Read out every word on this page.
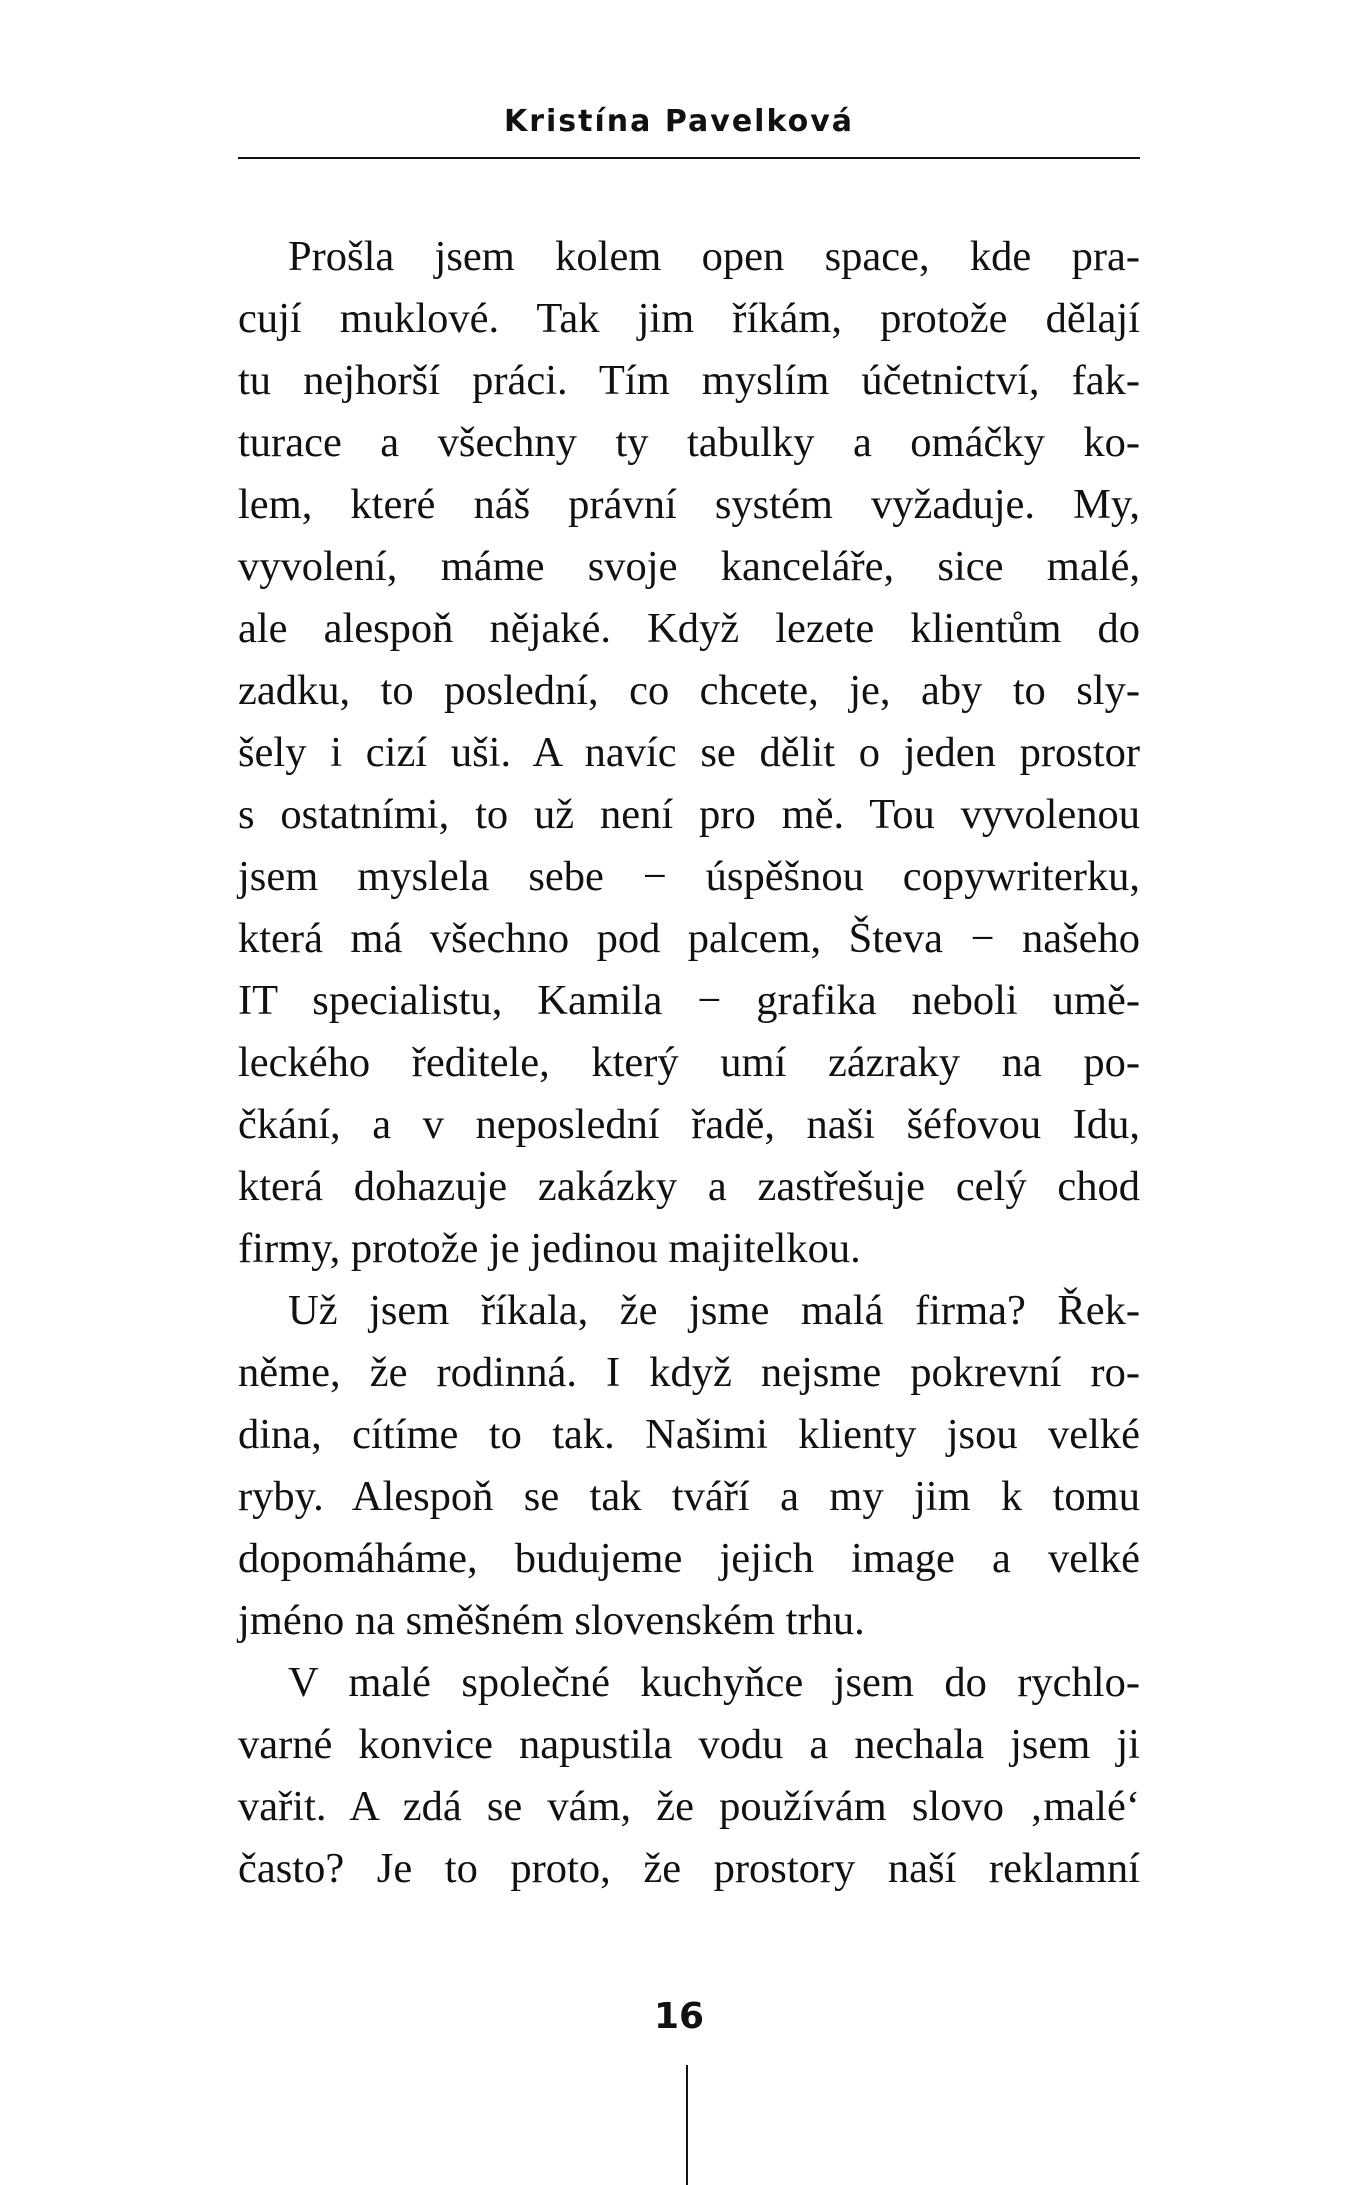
Kristína Pavelková
Prošla jsem kolem open space, kde pra-
cují muklové. Tak jim říkám, protože dělají
tu nejhorší práci. Tím myslím účetnictví, fak-
turace a všechny ty tabulky a omáčky ko-
lem, které náš právní systém vyžaduje. My,
vyvolení, máme svoje kanceláře, sice malé,
ale alespoň nějaké. Když lezete klientům do
zadku, to poslední, co chcete, je, aby to sly-
šely i cizí uši. A navíc se dělit o jeden prostor
s ostatními, to už není pro mě. Tou vyvolenou
jsem myslela sebe − úspěšnou copywriterku,
která má všechno pod palcem, Števa − našeho
IT specialistu, Kamila − grafika neboli umě-
leckého ředitele, který umí zázraky na po-
čkání, a v neposlední řadě, naši šéfovou Idu,
která dohazuje zakázky a zastřešuje celý chod
firmy, protože je jedinou majitelkou.
Už jsem říkala, že jsme malá firma? Řek-
něme, že rodinná. I když nejsme pokrevní ro-
dina, cítíme to tak. Našimi klienty jsou velké
ryby. Alespoň se tak tváří a my jim k tomu
dopomáháme, budujeme jejich image a velké
jméno na směšném slovenském trhu.
V malé společné kuchyňce jsem do rychlo-
varné konvice napustila vodu a nechala jsem ji
vařit. A zdá se vám, že používám slovo ‚malé‘
často? Je to proto, že prostory naší reklamní
16
